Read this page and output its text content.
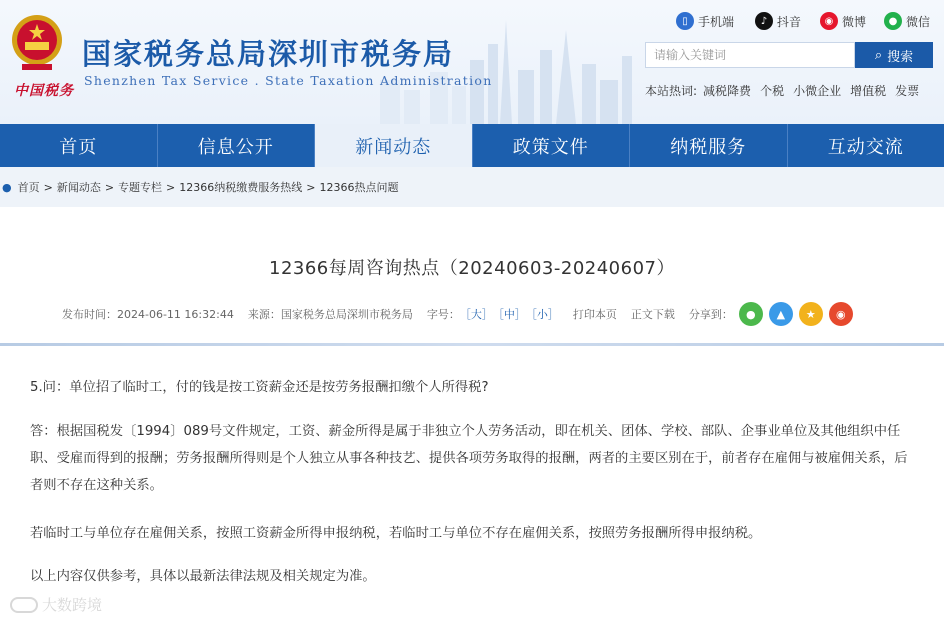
中国税务
国家税务总局深圳市税务局
Shenzhen Tax Service . State Taxation Administration
▯ 手机端	♪ 抖音	◉ 微博	● 微信
请输入关键词	⌕ 搜索
本站热词: 减税降费 个税 小微企业 增值税 发票
首页	信息公开	新闻动态	政策文件	纳税服务	互动交流
● 首页 > 新闻动态 > 专题专栏 > 12366纳税缴费服务热线 > 12366热点问题
12366每周咨询热点（20240603-20240607）
发布时间： 2024-06-11 16:32:44 来源： 国家税务总局深圳市税务局 字号： ［大］ ［中］ ［小］ 打印本页 正文下载 分享到：	●	▲	★	◉
5.问：单位招了临时工，付的钱是按工资薪金还是按劳务报酬扣缴个人所得税?
答：根据国税发〔1994〕089号文件规定，工资、薪金所得是属于非独立个人劳务活动，即在机关、团体、学校、部队、企事业单位及其他组织中任职、受雇而得到的报酬；劳务报酬所得则是个人独立从事各种技艺、提供各项劳务取得的报酬，两者的主要区别在于，前者存在雇佣与被雇佣关系，后者则不存在这种关系。
若临时工与单位存在雇佣关系，按照工资薪金所得申报纳税，若临时工与单位不存在雇佣关系，按照劳务报酬所得申报纳税。
以上内容仅供参考，具体以最新法律法规及相关规定为准。
大数跨境
